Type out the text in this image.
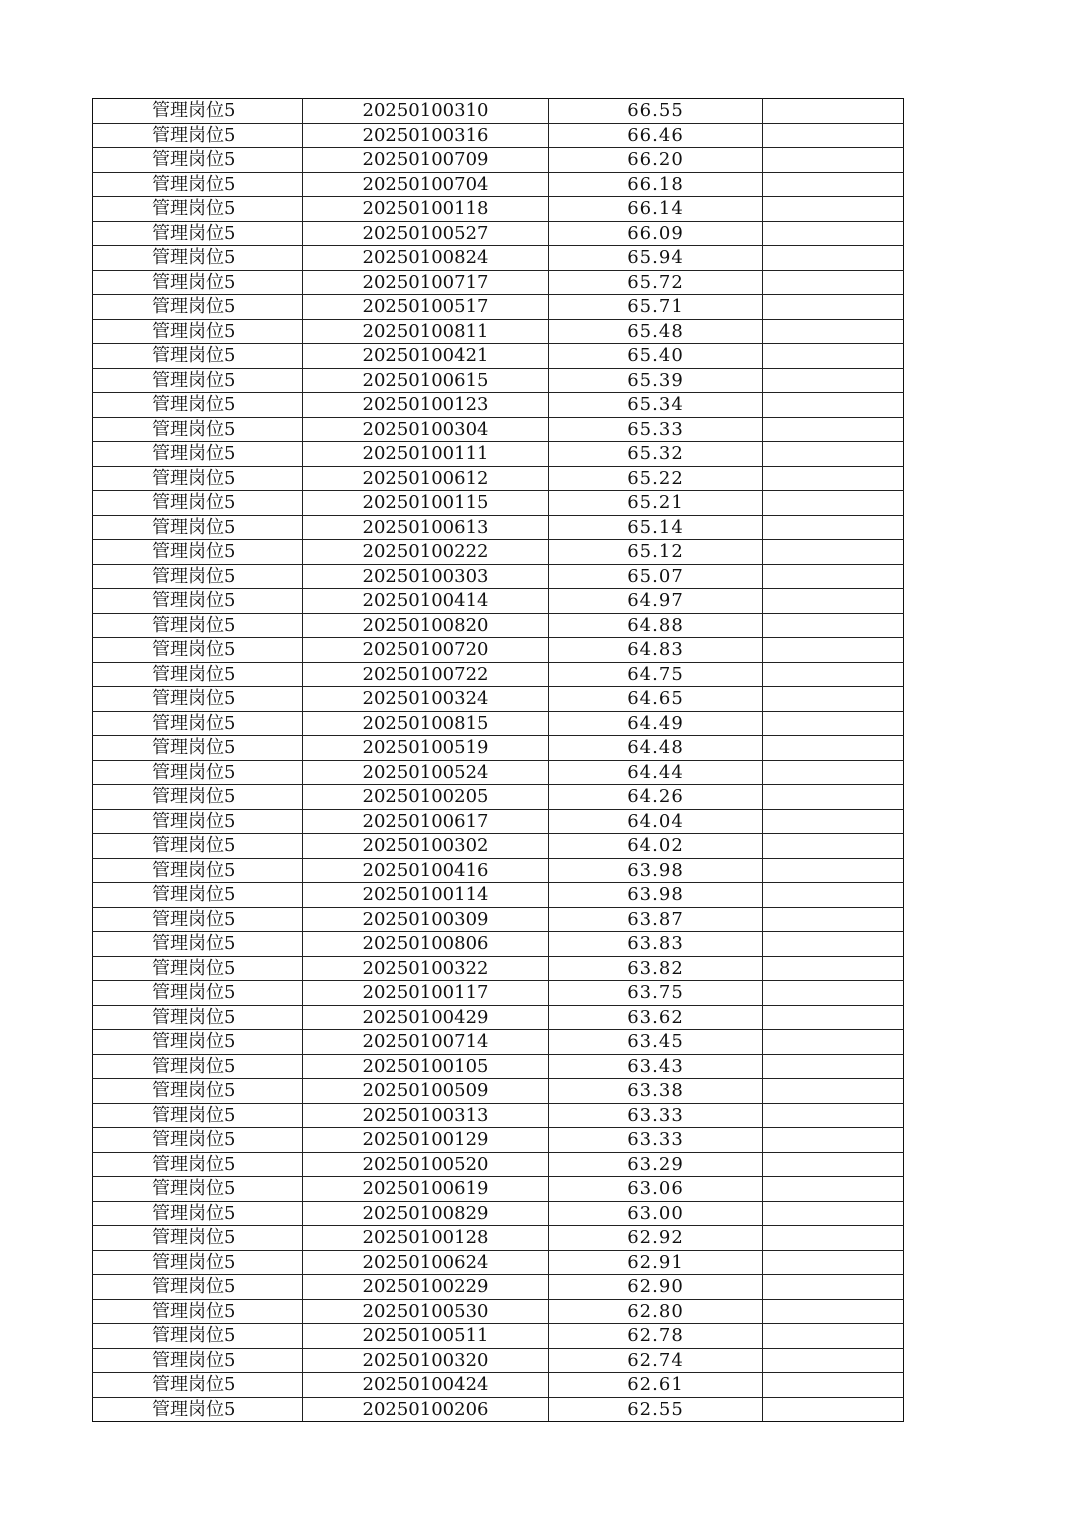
管理岗位5	20250100310	66.55	
管理岗位5	20250100316	66.46	
管理岗位5	20250100709	66.20	
管理岗位5	20250100704	66.18	
管理岗位5	20250100118	66.14	
管理岗位5	20250100527	66.09	
管理岗位5	20250100824	65.94	
管理岗位5	20250100717	65.72	
管理岗位5	20250100517	65.71	
管理岗位5	20250100811	65.48	
管理岗位5	20250100421	65.40	
管理岗位5	20250100615	65.39	
管理岗位5	20250100123	65.34	
管理岗位5	20250100304	65.33	
管理岗位5	20250100111	65.32	
管理岗位5	20250100612	65.22	
管理岗位5	20250100115	65.21	
管理岗位5	20250100613	65.14	
管理岗位5	20250100222	65.12	
管理岗位5	20250100303	65.07	
管理岗位5	20250100414	64.97	
管理岗位5	20250100820	64.88	
管理岗位5	20250100720	64.83	
管理岗位5	20250100722	64.75	
管理岗位5	20250100324	64.65	
管理岗位5	20250100815	64.49	
管理岗位5	20250100519	64.48	
管理岗位5	20250100524	64.44	
管理岗位5	20250100205	64.26	
管理岗位5	20250100617	64.04	
管理岗位5	20250100302	64.02	
管理岗位5	20250100416	63.98	
管理岗位5	20250100114	63.98	
管理岗位5	20250100309	63.87	
管理岗位5	20250100806	63.83	
管理岗位5	20250100322	63.82	
管理岗位5	20250100117	63.75	
管理岗位5	20250100429	63.62	
管理岗位5	20250100714	63.45	
管理岗位5	20250100105	63.43	
管理岗位5	20250100509	63.38	
管理岗位5	20250100313	63.33	
管理岗位5	20250100129	63.33	
管理岗位5	20250100520	63.29	
管理岗位5	20250100619	63.06	
管理岗位5	20250100829	63.00	
管理岗位5	20250100128	62.92	
管理岗位5	20250100624	62.91	
管理岗位5	20250100229	62.90	
管理岗位5	20250100530	62.80	
管理岗位5	20250100511	62.78	
管理岗位5	20250100320	62.74	
管理岗位5	20250100424	62.61	
管理岗位5	20250100206	62.55	
